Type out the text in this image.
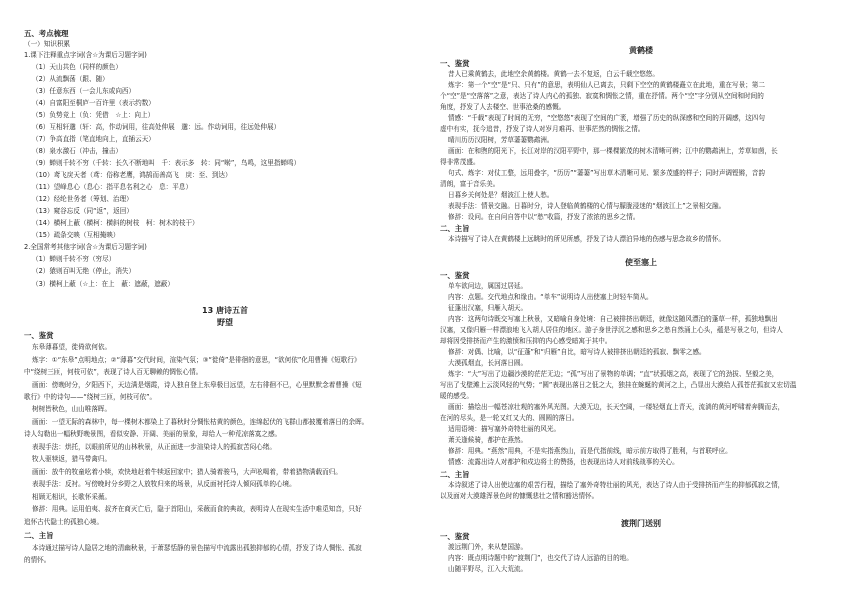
五、考点梳理
（一）知识积累
1.课下注释重点字词(含☆为课后习题字词)
（1）天山共色（同样的颜色）
（2）从流飘荡（跟、随）
（3）任意东西（一会儿东或向西）
（4）自富阳至桐庐一百许里（表示约数）
（5）负势竞上（负：凭借　☆上：向上）
（6）互相轩邈（轩：高，作动词用，往高处伸展　邈：远。作动词用，往远处伸展）
（7）争高直指（笔直地向上，直插云天）
（8）泉水激石（冲击，撞击）
（9）蝉则千转不穷（千转：长久不断地叫　千：表示多　转：同“啭”，鸟鸣，这里指蝉鸣）
（10）鸢飞戾天者（鸢：俗称老鹰，鸿鹄而善高飞　戾：至、到达）
（11）望峰息心（息心：指平息名利之心　息：平息）
（12）经纶世务者（筹划、治理）
（13）窥谷忘反（同“返”，返回）
（14）横柯上蔽（横柯：横斜的树枝　柯：树木的枝干）
（15）疏条交映（互相掩映）
2.全国常考其他字词(含☆为课后习题字词)
（1）蝉则千转不穷（穷尽）
（2）猿则百叫无绝（停止，消失）
（3）横柯上蔽（☆上：在上　蔽：遮蔽，遮蔽）
13 唐诗五首
野望
一、鉴赏
东皋薄暮望，徙倚欲何依。
炼字：①“东皋”点明地点；②“薄暮”交代时间，渲染气氛；③“徙倚”是徘徊的意思，“欲何依”化用曹操《短歌行》
中“绕树三匝，何枝可依”，表现了诗人百无聊赖的惆怅心情。
画面：傍晚时分，夕阳西下，天边满是烟霞，诗人独自登上东皋极目远望，左右徘徊不已，心里默默念着曹操《短
歌行》中的诗句——“绕树三匝，何枝可依”。
树树皆秋色，山山唯落晖。
画面：一望无际的森林中，每一棵树木都染上了暮秋时分惆怅枯黄的颜色，连绵起伏的飞群山都披覆着落日的余晖。
诗人勾勒出一幅秋野晚景图，看似安静、开阔、美丽的景象，却给人一种荒凉落寞之感。
表现手法：烘托，以眼前所见的山林秋景，从正面进一步渲染诗人的孤寂苦闷心绪。
牧人驱犊返，猎马带禽归。
画面：放牛的牧童吆着小犊，欢快地赶着牛犊返回家中；猎人骑着骏马，大声吆喝着，带着猎物满载而归。
表现手法：反衬。写傍晚时分乡野之人放牧归来的场景，从反面衬托诗人倾闷孤单的心境。
相顾无相识，长歌怀采薇。
修辞：用典。运用伯夷、叔齐在商灭亡后，隐于首阳山，采薇而食的典故，表明诗人在现实生活中难觅知音，只好
追怀古代隐士的孤独心境。
二、主旨
本诗通过描写诗人隐居之地的清幽秋景，于萧瑟恬静的景色描写中流露出孤独抑郁的心情，抒发了诗人惆怅、孤寂
的情怀。
黄鹤楼
一、鉴赏
昔人已乘黄鹤去，此地空余黄鹤楼。黄鹤一去不复返，白云千载空悠悠。
炼字：第一个“空”是“只、只有”的意思，表明仙人已离去，只剩下空空的黄鹤楼矗立在此地，重在写景；第二
个“空”是“空落落”之意，表达了诗人内心的孤独、寂寞和惆怅之情，重在抒情。两个“空”字分别从空间和时间的
角度，抒发了人去楼空、世事沧桑的感慨。
情感：“千载”表现了时间的无穷，“空悠悠”表现了空间的广袤，增强了历史的纵深感和空间的开阔感，这四句
虚中有实，抚今追昔，抒发了诗人对岁月难再、世事茫然的惆怅之情。
晴川历历汉阳树，芳草萋萋鹦鹉洲。
画面：在和煦的阳光下，长江对岸的汉阳平野中，那一棵棵繁茂的树木清晰可辨；江中的鹦鹉洲上，芳草如茵，长
得非常茂盛。
句式、炼字：对仗工整，远用叠字，“历历”“萋萋”写出草木清晰可见、繁多茂盛的样子；同时声调铿锵，音韵
清朗，富于音乐美。
日暮乡关何处是？烟波江上使人愁。
表现手法：情景交融。日暮时分，诗人登临黄鹤楼的心情与朦胧浸迷的“烟波江上”之景相交融。
修辞：设问。在自问自答中以“愁”收篇，抒发了浓浓的思乡之情。
二、主旨
本诗描写了诗人在黄鹤楼上远眺时的所见所感，抒发了诗人漂泊异地的伤感与思念故乡的情怀。
使至塞上
一、鉴赏
单车欲问边，属国过居延。
内容：点题。交代地点和缘由。“单车”说明诗人出使塞上时轻车简从。
征蓬出汉塞，归雁入胡天。
内容：这两句诗既交写塞上秋景，又暗喻自身处境：自己被排挤出朝廷，就像这随风漂泊的蓬草一样，孤独地飘出
汉塞，又像归雁一样漂浪地飞入胡人居住的地区。游子身世浮沉之感和思乡之愁自然涌上心头，蕴是写景之句，但诗人
却将因受排挤而产生的激愤和压抑的内心感受暗寓于其中。
修辞：对偶、比喻，以“征蓬”和“归雁”自比，暗写诗人被排挤出朝廷的孤寂、飘零之感。
大漠孤烟直，长河落日圆。
炼字：“大”写出了边疆沙漠的茫茫无边；“孤”写出了景物的单调；“直”状孤烟之高，表现了它的劲拔、坚毅之美，
写出了戈壁滩上云淡风轻的气势；“圆”表现出落日之低之大，独挂在蜿蜒的黄河之上，凸显出大漠给人孤苍茫孤寂又宏切温
暖的感受。
画面：描绘出一幅苍凉壮观的塞外风光图。大漠无边，长天空阔，一缕轻烟直上青天，流淌的黄河呼啸着奔腾而去，
在河的尽头，是一轮又红又大的、圆圆的落日。
适用语境：描写塞外奇特壮丽的风光。
萧关逢候骑，都护在燕然。
修辞：用典。“燕然”用典，不是实指燕然山，而是代指前线，暗示前方取得了胜利，与首联呼应。
情感：流露出诗人对都护和戍边将士的赞扬，也表现出诗人对前线战事的关心。
二、主旨
本诗叙述了诗人出使边塞的艰苦行程，描绘了塞外奇特壮丽的风光，表达了诗人由于受排挤而产生的抑郁孤寂之情，
以及面对大漠雄浑景色时的慷慨悲壮之情和豁达情怀。
渡荆门送别
一、鉴赏
渡远荆门外，来从楚国游。
内容：既点明诗题中的“渡荆门”，也交代了诗人远游的目的地。
山随平野尽，江入大荒流。
